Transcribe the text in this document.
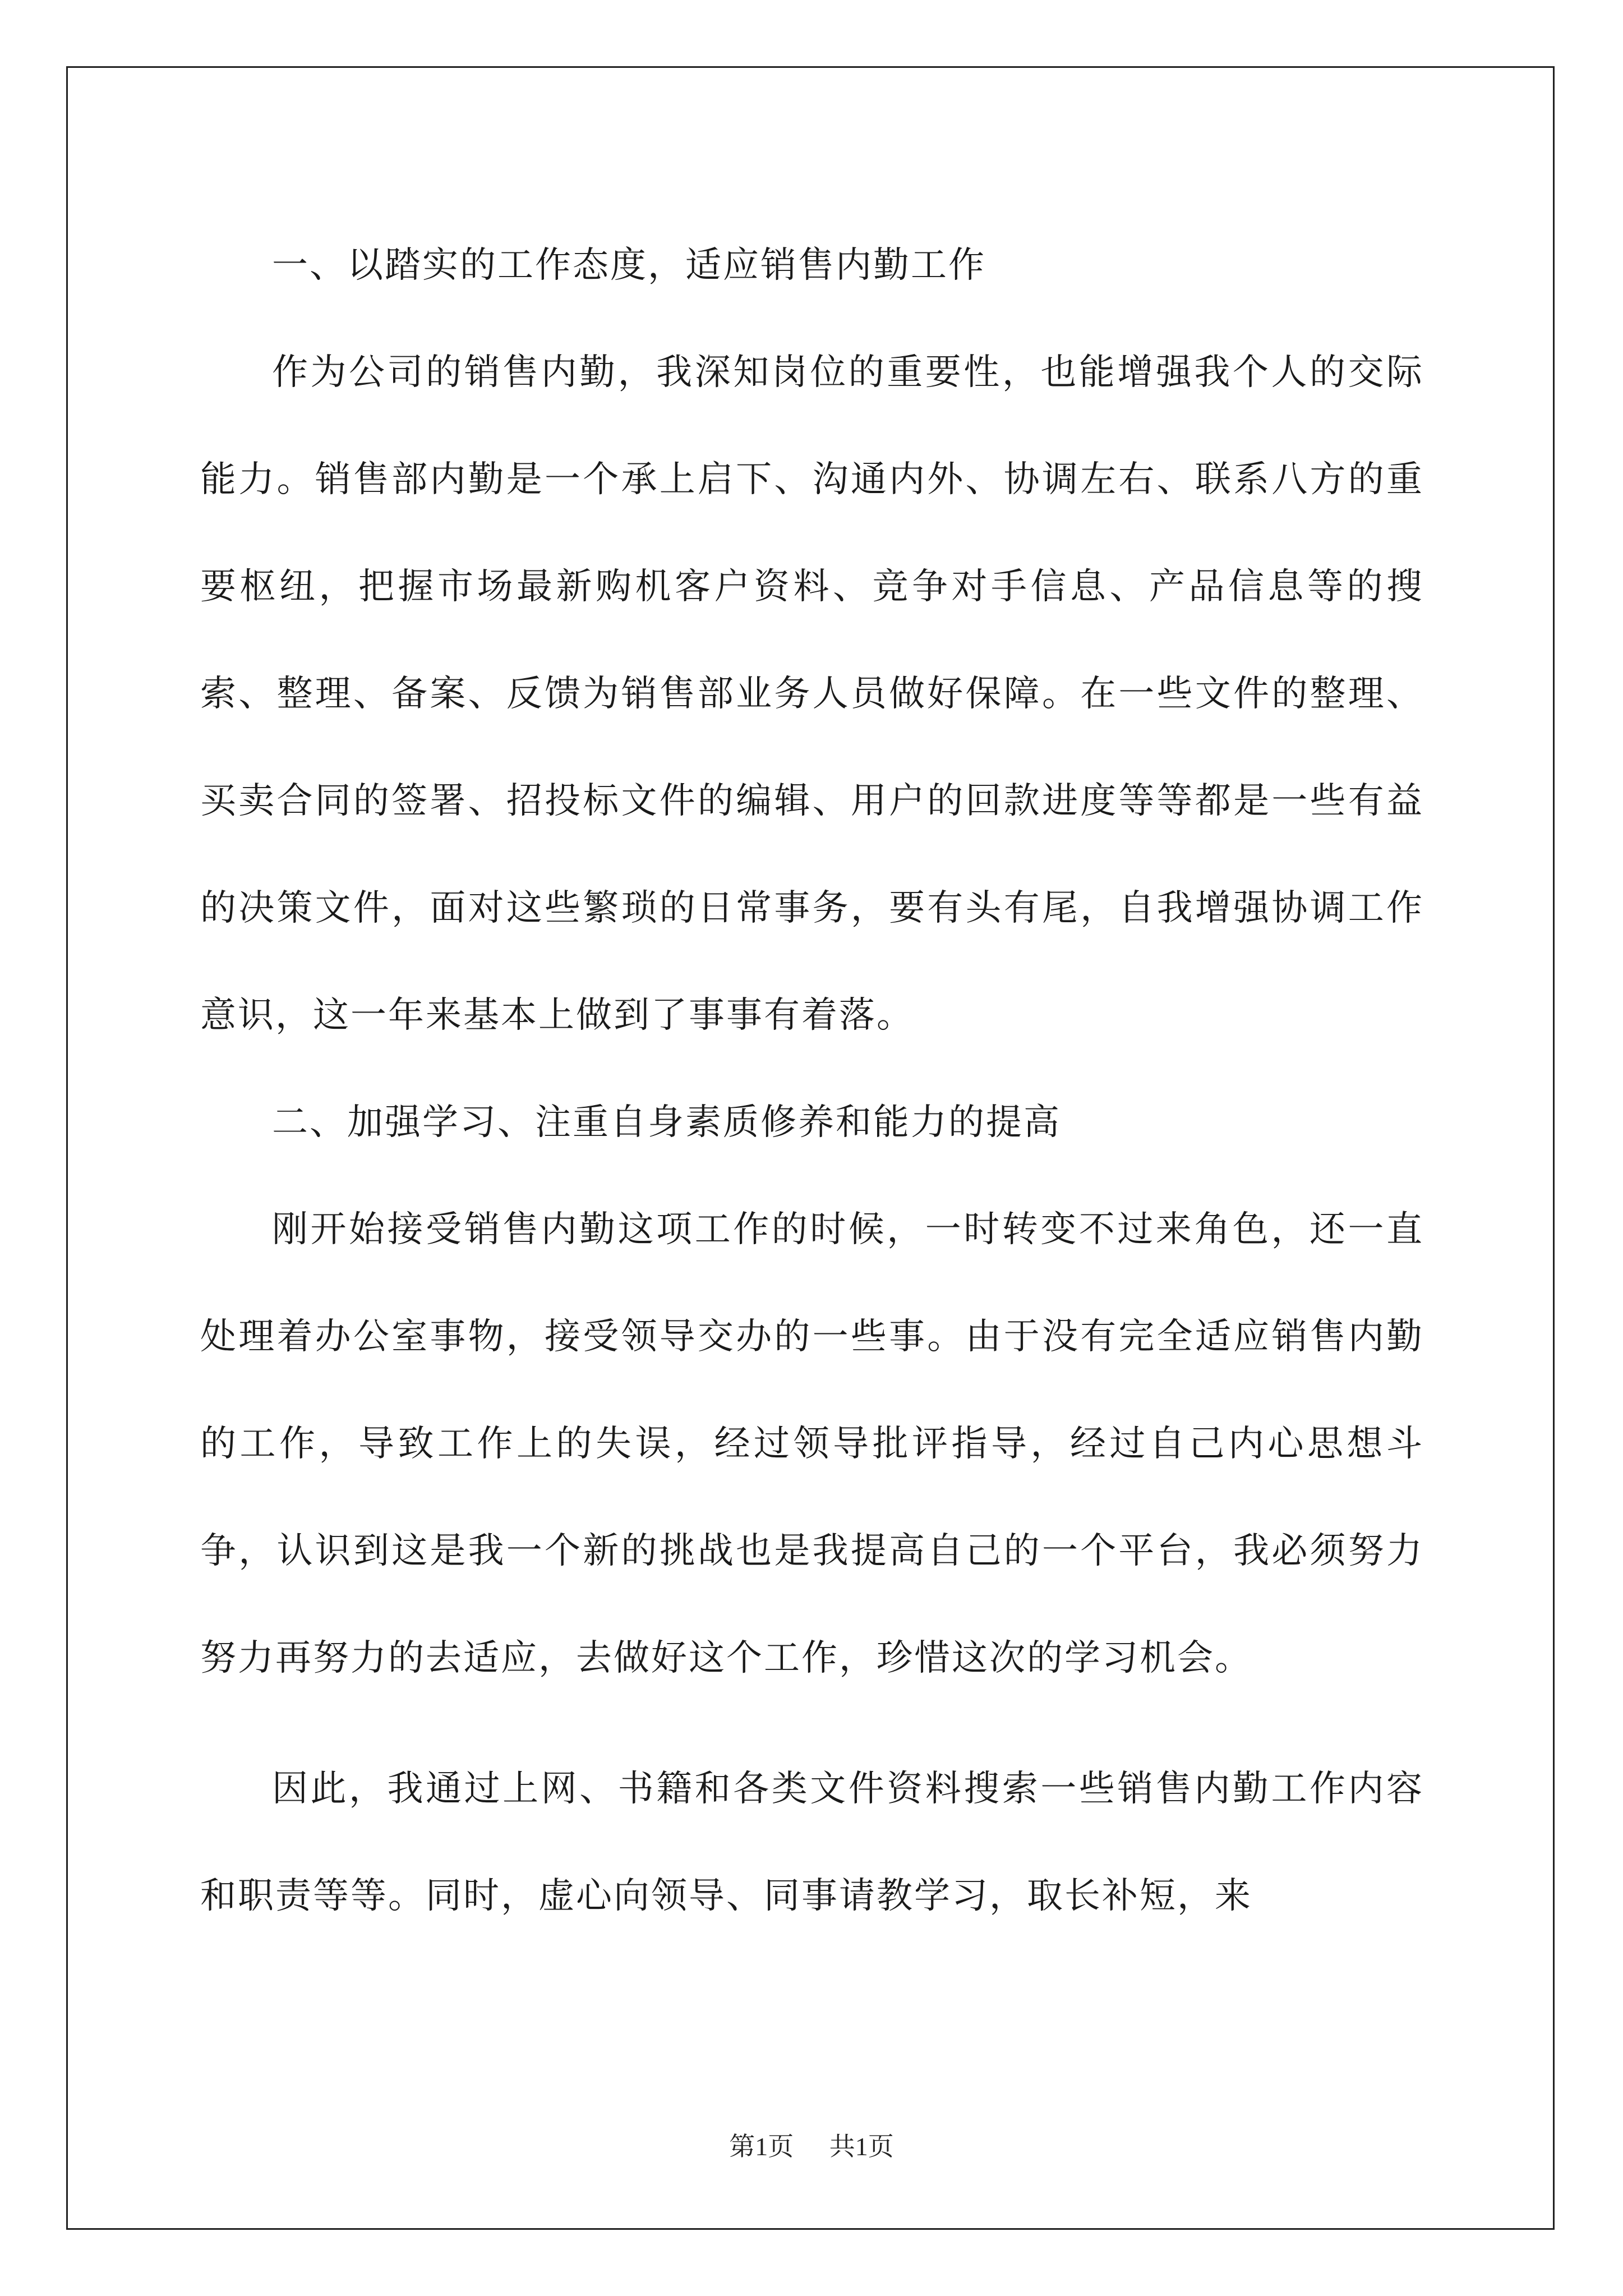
一、以踏实的工作态度，适应销售内勤工作

作为公司的销售内勤，我深知岗位的重要性，也能增强我个人的交际能力。销售部内勤是一个承上启下、沟通内外、协调左右、联系八方的重要枢纽，把握市场最新购机客户资料、竞争对手信息、产品信息等的搜索、整理、备案、反馈为销售部业务人员做好保障。在一些文件的整理、买卖合同的签署、招投标文件的编辑、用户的回款进度等等都是一些有益的决策文件，面对这些繁琐的日常事务，要有头有尾，自我增强协调工作意识，这一年来基本上做到了事事有着落。

二、加强学习、注重自身素质修养和能力的提高

刚开始接受销售内勤这项工作的时候，一时转变不过来角色，还一直处理着办公室事物，接受领导交办的一些事。由于没有完全适应销售内勤的工作，导致工作上的失误，经过领导批评指导，经过自己内心思想斗争，认识到这是我一个新的挑战也是我提高自己的一个平台，我必须努力努力再努力的去适应，去做好这个工作，珍惜这次的学习机会。

因此，我通过上网、书籍和各类文件资料搜索一些销售内勤工作内容和职责等等。同时，虚心向领导、同事请教学习，取长补短，来

第1页 共1页
